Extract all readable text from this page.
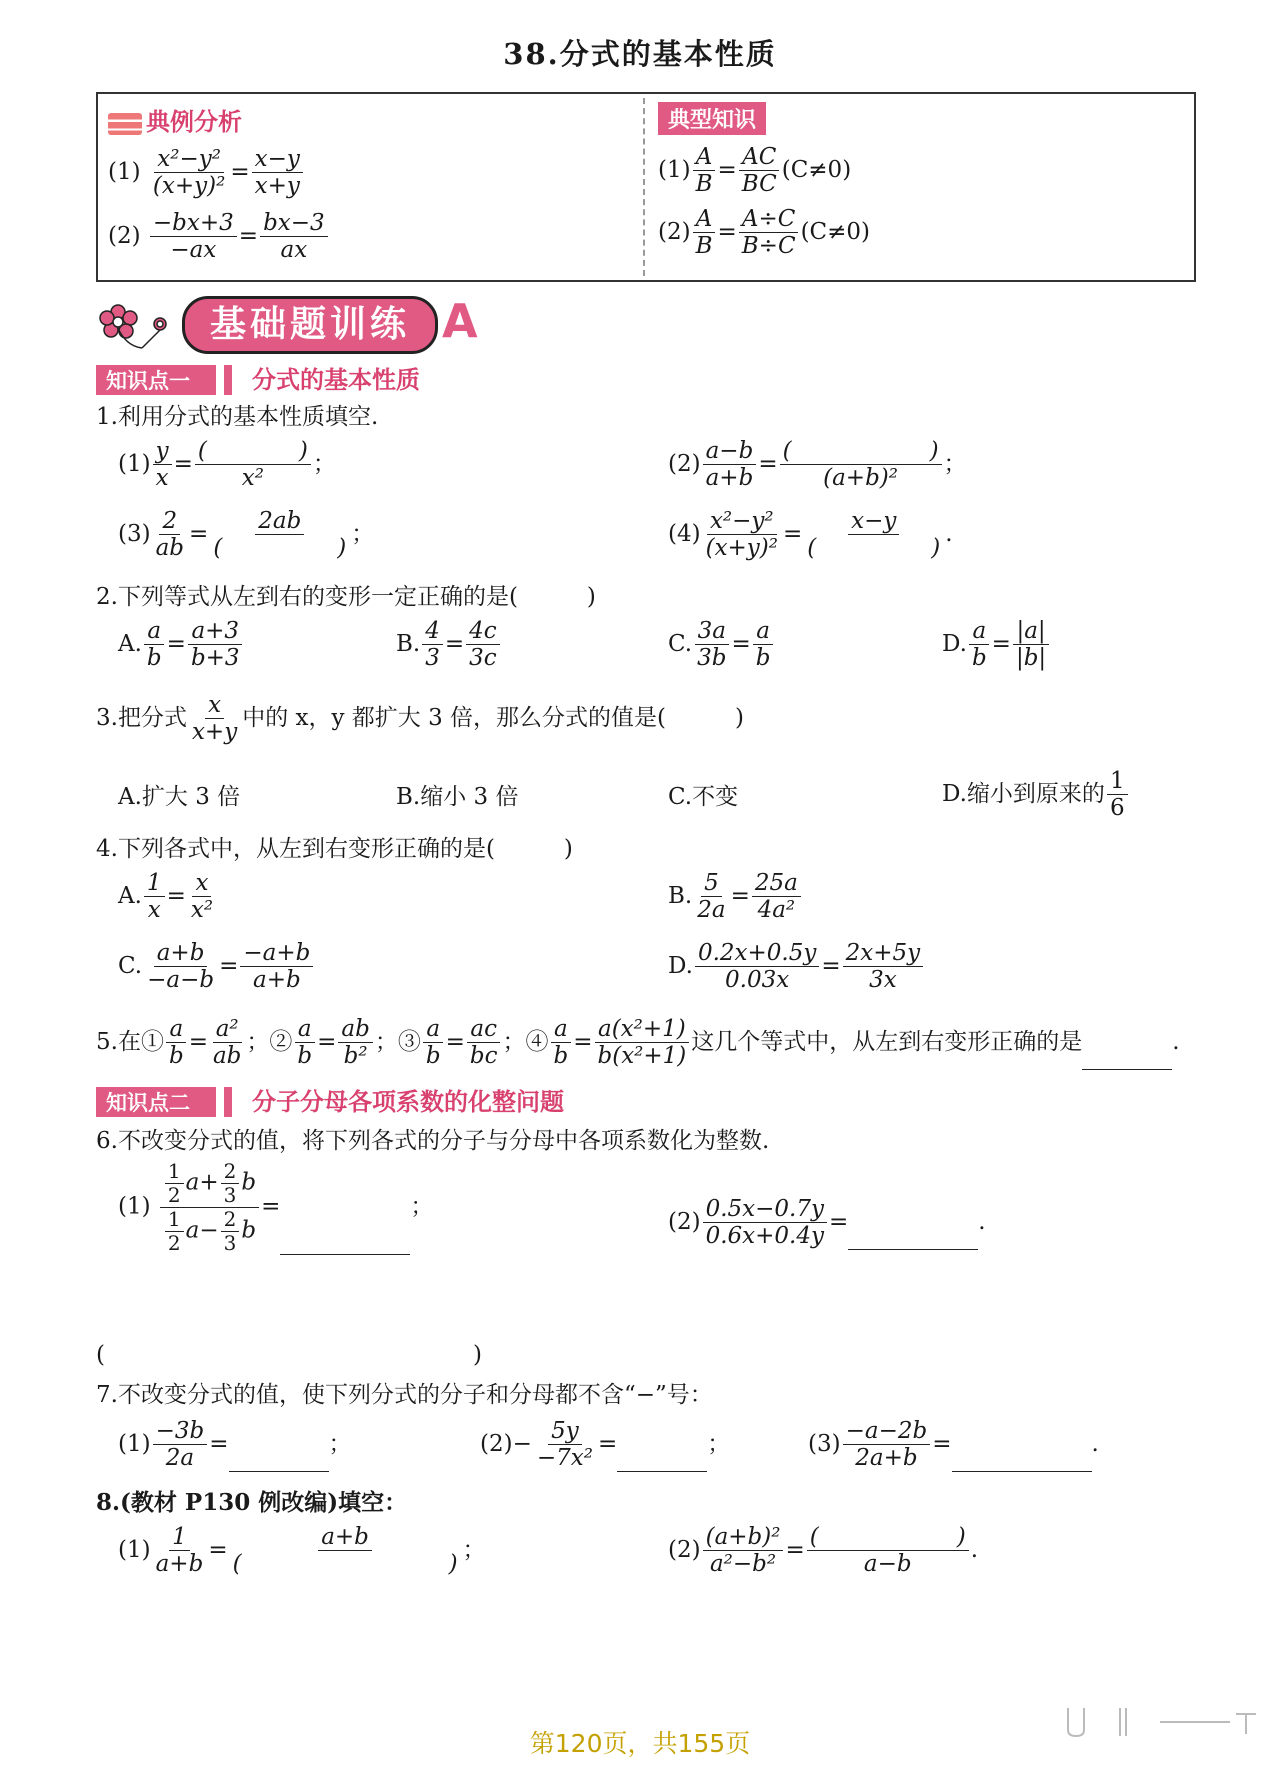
38.分式的基本性质
典例分析
$(1) \frac{\text{x²−y²}}{\text{(x+y)²}} = \frac{x-y}{x+y}$
$(2) \frac{-bx+3}{-ax} = \frac{bx-3}{ax}$
典型知识
$(1) \frac{A}{B} = \frac{AC}{BC} (C\ne 0)$
$(2) \frac{A}{B} = \frac{A\div C}{B\div C} (C\ne 0)$
基础题训练 A
知识点一	分式的基本性质
1.利用分式的基本性质填空.
$(1) \frac{y}{x} = \frac{( )}{\text{x²}}$ ；	$(2) \frac{a-b}{a+b} = \frac{( )}{\text{(a+b)²}}$ ；
$(3) \frac{2}{ab} = \frac{2ab}{( )}$ ；	$(4) \frac{\text{x²−y²}}{\text{(x+y)²}} = \frac{x-y}{( )}$ .
2.下列等式从左到右的变形一定正确的是(　　　)
A. $\frac{a}{b} = \frac{a+3}{b+3}$	B. $\frac{4}{3} = \frac{4c}{3c}$	C. $\frac{3a}{3b} = \frac{a}{b}$	D. $\frac{a}{b} = \frac{|a|}{|b|}$
3.把分式 $\frac{x}{x+y}$ 中的 x，y 都扩大 3 倍，那么分式的值是(　　　)
A.扩大 3 倍	B.缩小 3 倍	C.不变	D.缩小到原来的 $\frac{1}{6}$
4.下列各式中，从左到右变形正确的是(　　　)
A. $\frac{1}{x} = \frac{x}{\text{x²}}$	B. $\frac{5}{2a} = \frac{25a}{\text{4a²}}$
C. $\frac{a+b}{-a-b} = \frac{-a+b}{a+b}$	D. $\frac{0.2x+0.5y}{0.03x} = \frac{2x+5y}{3x}$
5.在① $\frac{a}{b} = \frac{\text{a²}}{ab}$ ；② $\frac{a}{b} = \frac{ab}{\text{b²}}$ ；③ $\frac{a}{b} = \frac{ac}{bc}$ ；④ $\frac{a}{b} = \frac{\text{a(x²+1)}}{\text{b(x²+1)}}$ 这几个等式中，从左到右变形正确的是	.
知识点二	分子分母各项系数的化整问题
6.不改变分式的值，将下列各式的分子与分母中各项系数化为整数.
$(1) \frac{\frac{1}{2} a+ \frac{2}{3} b}{\frac{1}{2} a- \frac{2}{3} b}$ =	；
$(2) \frac{0.5x-0.7y}{0.6x+0.4y}$ =	.
(　　　　　　　　　　　　　　　　)
7.不改变分式的值，使下列分式的分子和分母都不含“−”号：
$(1) \frac{-3b}{2a}$ =	；	$(2)- \frac{5y}{\text{−7x²}}$ =	；	$(3) \frac{-a-2b}{2a+b}$ =	.
8.(教材 P130 例改编)填空：
$(1) \frac{1}{a+b} = \frac{a+b}{( )}$ ；	$(2) \frac{\text{(a+b)²}}{\text{a²−b²}} = \frac{( )}{a-b}$ .
第120页，共155页
